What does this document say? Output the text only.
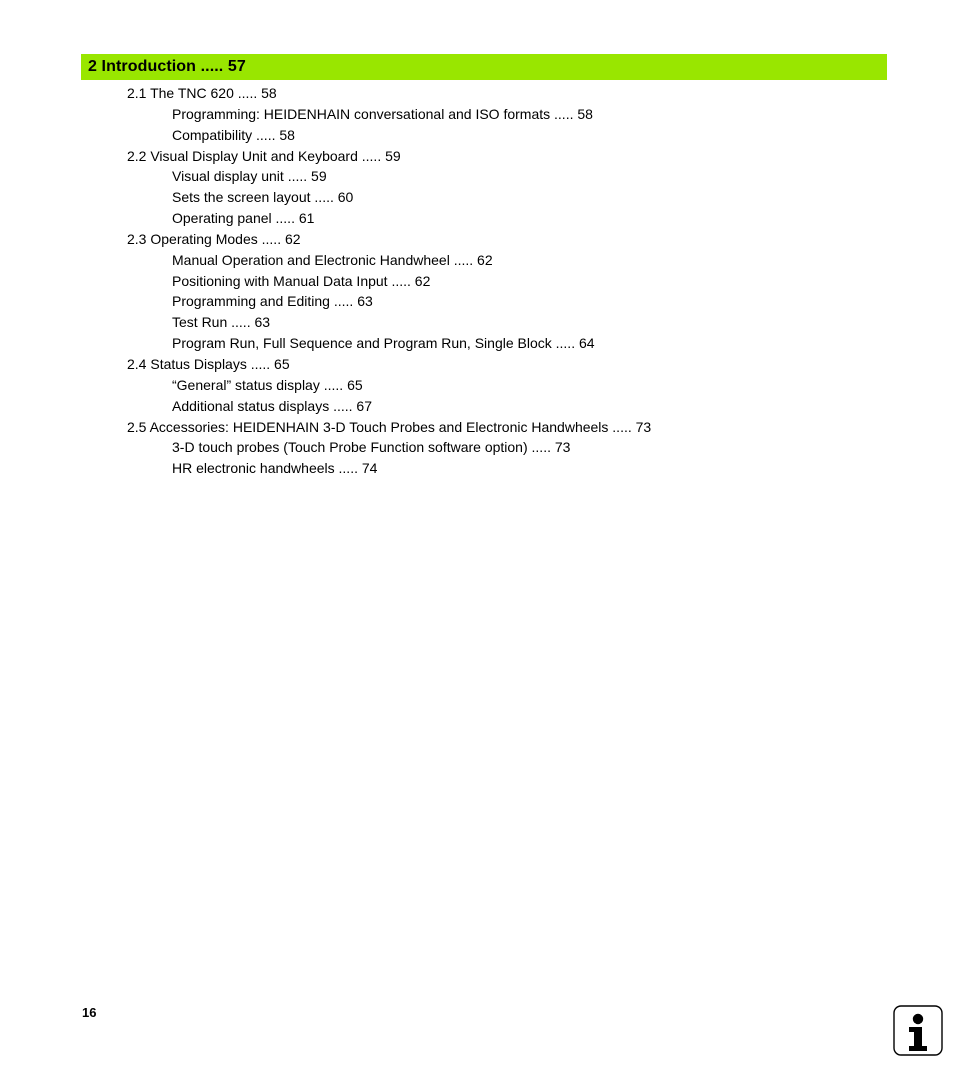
2 Introduction ..... 57
2.1 The TNC 620 ..... 58
Programming: HEIDENHAIN conversational and ISO formats ..... 58
Compatibility ..... 58
2.2 Visual Display Unit and Keyboard ..... 59
Visual display unit ..... 59
Sets the screen layout ..... 60
Operating panel ..... 61
2.3 Operating Modes ..... 62
Manual Operation and Electronic Handwheel ..... 62
Positioning with Manual Data Input ..... 62
Programming and Editing ..... 63
Test Run ..... 63
Program Run, Full Sequence and Program Run, Single Block ..... 64
2.4 Status Displays ..... 65
“General” status display ..... 65
Additional status displays ..... 67
2.5 Accessories: HEIDENHAIN 3-D Touch Probes and Electronic Handwheels ..... 73
3-D touch probes (Touch Probe Function software option) ..... 73
HR electronic handwheels ..... 74
16
